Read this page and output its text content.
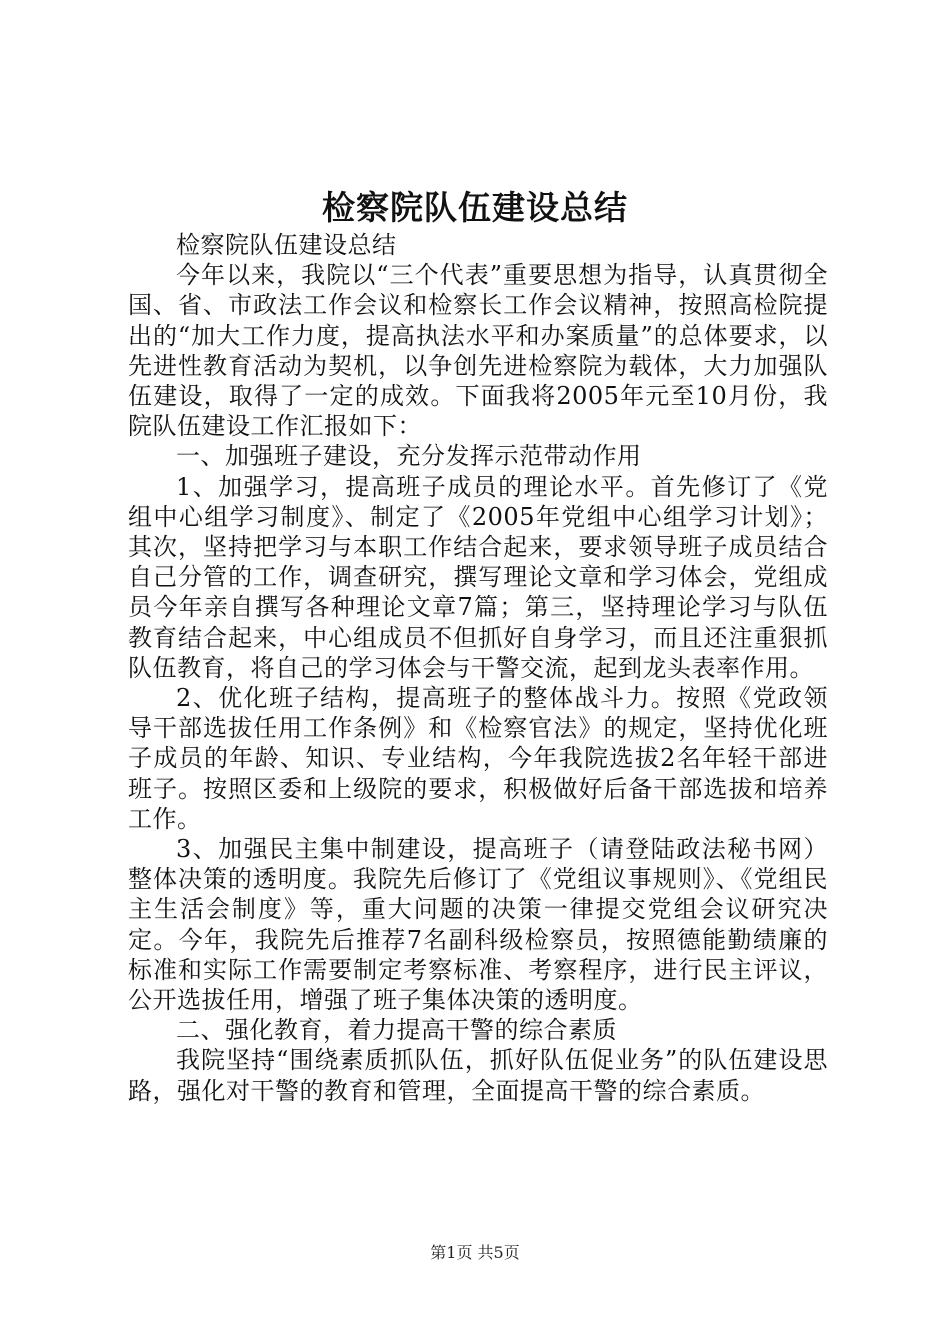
检察院队伍建设总结

检察院队伍建设总结

今年以来，我院以“三个代表”重要思想为指导，认真贯彻全国、省、市政法工作会议和检察长工作会议精神，按照高检院提出的“加大工作力度，提高执法水平和办案质量”的总体要求，以先进性教育活动为契机，以争创先进检察院为载体，大力加强队伍建设，取得了一定的成效。下面我将2005年元至10月份，我院队伍建设工作汇报如下：

一、加强班子建设，充分发挥示范带动作用

1、加强学习，提高班子成员的理论水平。首先修订了《党组中心组学习制度》、制定了《2005年党组中心组学习计划》；其次，坚持把学习与本职工作结合起来，要求领导班子成员结合自己分管的工作，调查研究，撰写理论文章和学习体会，党组成员今年亲自撰写各种理论文章7篇；第三，坚持理论学习与队伍教育结合起来，中心组成员不但抓好自身学习，而且还注重狠抓队伍教育，将自己的学习体会与干警交流，起到龙头表率作用。

2、优化班子结构，提高班子的整体战斗力。按照《党政领导干部选拔任用工作条例》和《检察官法》的规定，坚持优化班子成员的年龄、知识、专业结构，今年我院选拔2名年轻干部进班子。按照区委和上级院的要求，积极做好后备干部选拔和培养工作。

3、加强民主集中制建设，提高班子（请登陆政法秘书网）整体决策的透明度。我院先后修订了《党组议事规则》、《党组民主生活会制度》等，重大问题的决策一律提交党组会议研究决定。今年，我院先后推荐7名副科级检察员，按照德能勤绩廉的标准和实际工作需要制定考察标准、考察程序，进行民主评议，公开选拔任用，增强了班子集体决策的透明度。

二、强化教育，着力提高干警的综合素质

我院坚持“围绕素质抓队伍，抓好队伍促业务”的队伍建设思路，强化对干警的教育和管理，全面提高干警的综合素质。

第1页 共5页
